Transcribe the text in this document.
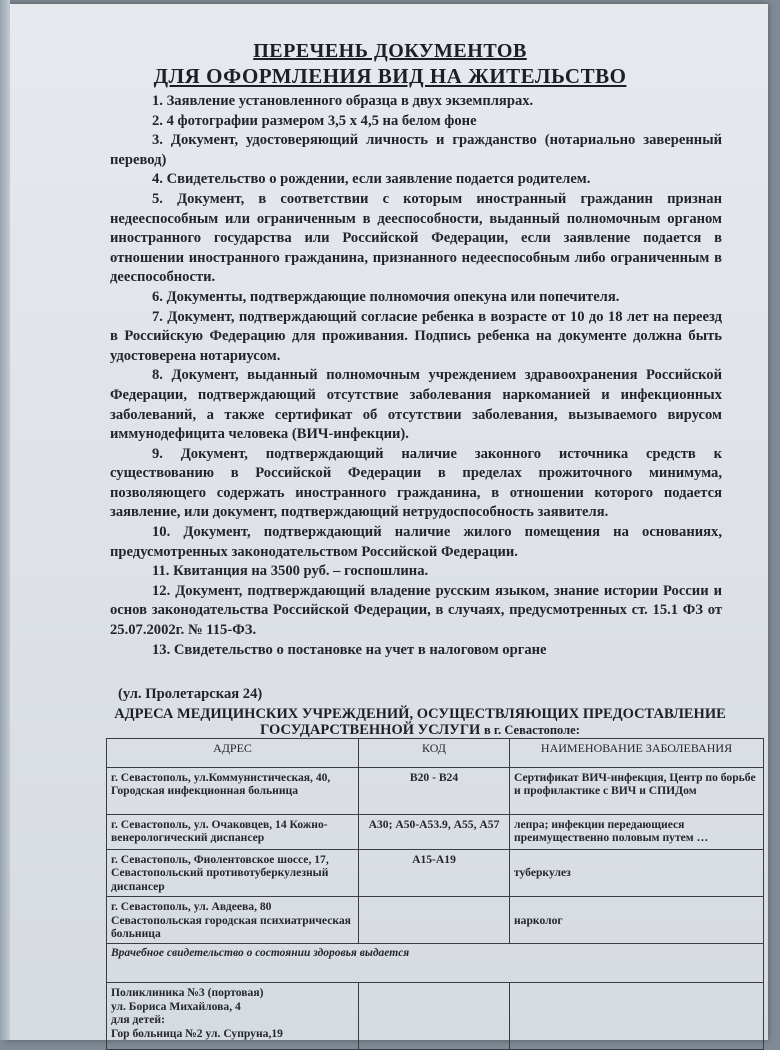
ПЕРЕЧЕНЬ ДОКУМЕНТОВ
ДЛЯ ОФОРМЛЕНИЯ ВИД НА ЖИТЕЛЬСТВО

1. Заявление установленного образца в двух экземплярах.

2. 4 фотографии размером 3,5 х 4,5 на белом фоне

3. Документ, удостоверяющий личность и гражданство (нотариально заверенный перевод)

4. Свидетельство о рождении, если заявление подается родителем.

5. Документ, в соответствии с которым иностранный гражданин признан недееспособным или ограниченным в дееспособности, выданный полномочным органом иностранного государства или Российской Федерации, если заявление подается в отношении иностранного гражданина, признанного недееспособным либо ограниченным в дееспособности.

6. Документы, подтверждающие полномочия опекуна или попечителя.

7. Документ, подтверждающий согласие ребенка в возрасте от 10 до 18 лет на переезд в Российскую Федерацию для проживания. Подпись ребенка на документе должна быть удостоверена нотариусом.

8. Документ, выданный полномочным учреждением здравоохранения Российской Федерации, подтверждающий отсутствие заболевания наркоманией и инфекционных заболеваний, а также сертификат об отсутствии заболевания, вызываемого вирусом иммунодефицита человека (ВИЧ-инфекции).

9. Документ, подтверждающий наличие законного источника средств к существованию в Российской Федерации в пределах прожиточного минимума, позволяющего содержать иностранного гражданина, в отношении которого подается заявление, или документ, подтверждающий нетрудоспособность заявителя.

10. Документ, подтверждающий наличие жилого помещения на основаниях, предусмотренных законодательством Российской Федерации.

11. Квитанция на 3500 руб. – госпошлина.

12. Документ, подтверждающий владение русским языком, знание истории России и основ законодательства Российской Федерации, в случаях, предусмотренных ст. 15.1 ФЗ от 25.07.2002г. № 115-ФЗ.

13. Свидетельство о постановке на учет в налоговом органе

(ул. Пролетарская 24)
АДРЕСА МЕДИЦИНСКИХ УЧРЕЖДЕНИЙ, ОСУЩЕСТВЛЯЮЩИХ ПРЕДОСТАВЛЕНИЕ
ГОСУДАРСТВЕННОЙ УСЛУГИ в г. Севастополе:
АДРЕС	КОД	НАИМЕНОВАНИЕ ЗАБОЛЕВАНИЯ
г. Севастополь, ул.Коммунистическая, 40, Городская инфекционная больница	В20 - В24	Сертификат ВИЧ-инфекция, Центр по борьбе и профилактике с ВИЧ и СПИДом
г. Севастополь, ул. Очаковцев, 14 Кожно-венерологический диспансер	А30; А50-А53.9, А55, А57	лепра; инфекции передающиеся преимущественно половым путем …
г. Севастополь, Фиолентовское шоссе, 17, Севастопольский противотуберкулезный диспансер	А15-А19	туберкулез
г. Севастополь, ул. Авдеева, 80 Севастопольская городская психиатрическая больница		нарколог
Врачебное свидетельство о состоянии здоровья выдается		

Поликлиника №3 (портовая)
ул. Бориса Михайлова, 4
для детей:
Гор больница №2 ул. Супруна,19		
